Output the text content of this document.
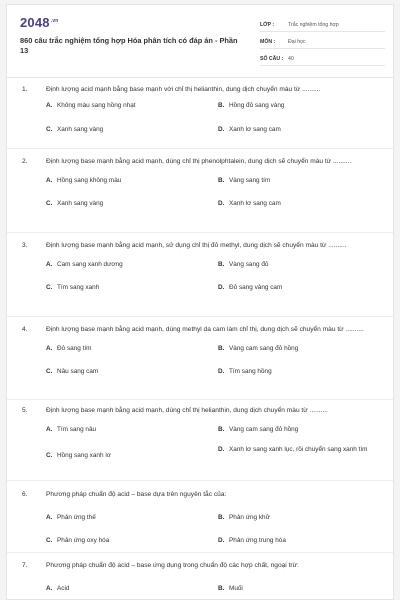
$2048^{.vn}$
860 câu trắc nghiệm tổng hợp Hóa phân tích có đáp án - Phần 13
LỚP :	Trắc nghiệm tổng hợp
MÔN :	Đại học
SỐ CÂU : 40
1.	Định lượng acid mạnh bằng base mạnh với chỉ thị helianthin, dung dịch chuyển màu từ ..........
A. Không màu sang hồng nhạt	B. Hồng đỏ sang vàng
C. Xanh sang vàng	D. Xanh lơ sang cam
2.	Định lượng base mạnh bằng acid mạnh, dùng chỉ thị phenolphtalein, dung dịch sẽ chuyển màu từ ..........
A. Hồng sang không màu	B. Vàng sang tím
C. Xanh sang vàng	D. Xanh lơ sang cam
3.	Định lượng base mạnh bằng acid mạnh, sử dụng chỉ thị đỏ methyl, dung dịch sẽ chuyển màu từ ..........
A. Cam sang xanh dương	B. Vàng sang đỏ
C. Tím sang xanh	D. Đỏ sang vàng cam
4.	Định lượng base mạnh bằng acid mạnh, dùng methyl da cam làm chỉ thị, dung dịch sẽ chuyển màu từ ..........
A. Đỏ sang tím	B. Vàng cam sang đỏ hồng
C. Nâu sang cam	D. Tím sang hồng
5.	Định lượng base mạnh bằng acid mạnh, dùng chỉ thị helianthin, dung dịch chuyển màu từ ..........
A. Tím sang nâu	B. Vàng cam sang đỏ hồng
C. Hồng sang xanh lơ
D. Xanh lơ sang xanh lục, rồi chuyển sang xanh tím
6.	Phương pháp chuẩn độ acid – base dựa trên nguyên tắc của:
A. Phản ứng thế	B. Phản ứng khử
C. Phản ứng oxy hóa	D. Phản ứng trung hòa
7.	Phương pháp chuẩn độ acid – base ứng dụng trong chuẩn độ các hợp chất, ngoại trừ:
A. Acid	B. Muối
